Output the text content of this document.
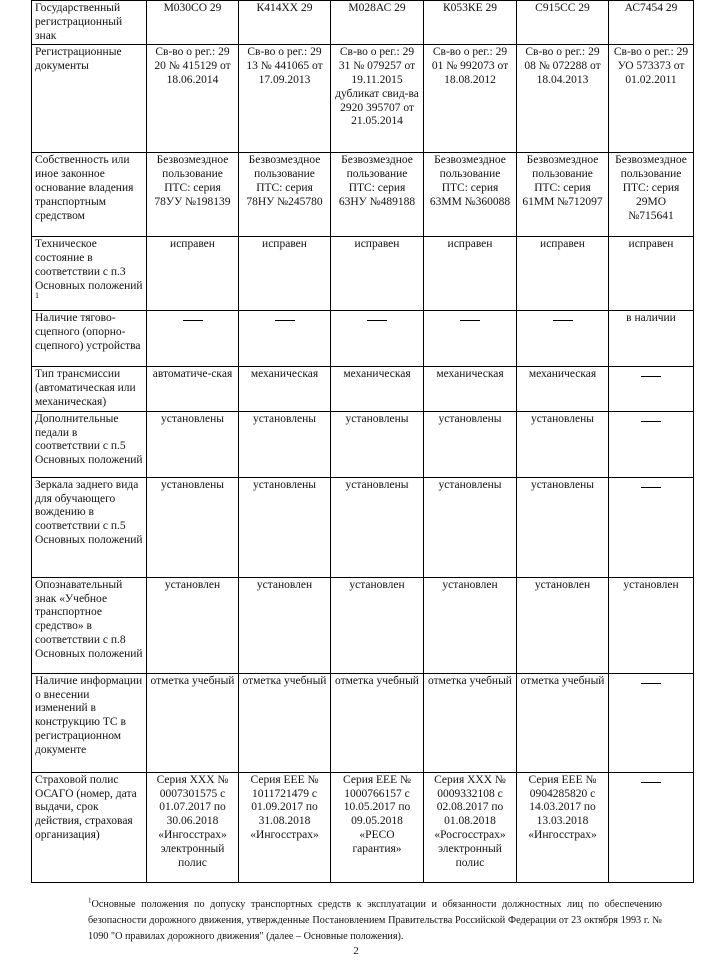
Государственный регистрационный знак	М030СО 29	К414ХХ 29	М028АС 29	К053КЕ 29	С915СС 29	АС7454 29
Регистрационные документы	Св-во о рег.: 29 20 № 415129 от 18.06.2014	Св-во о рег.: 29 13 № 441065 от 17.09.2013	Св-во о рег.: 29 31 № 079257 от 19.11.2015 дубликат свид-ва 2920 395707 от 21.05.2014	Св-во о рег.: 29 01 № 992073 от 18.08.2012	Св-во о рег.: 29 08 № 072288 от 18.04.2013	Св-во о рег.: 29 УО 573373 от 01.02.2011
Собственность или иное законное основание владения транспортным средством	Безвозмездное пользование ПТС: серия 78УУ №198139	Безвозмездное пользование ПТС: серия 78НУ №245780	Безвозмездное пользование ПТС: серия 63НУ №489188	Безвозмездное пользование ПТС: серия 63ММ №360088	Безвозмездное пользование ПТС: серия 61ММ №712097	Безвозмездное пользование ПТС: серия 29МО №715641
Техническое состояние в соответствии с п.3 Основных положений $^1$	исправен	исправен	исправен	исправен	исправен	исправен
Наличие тягово-сцепного (опорно-сцепного) устройства						в наличии
Тип трансмиссии (автоматическая или механическая)	автоматиче-ская	механическая	механическая	механическая	механическая	
Дополнительные педали в соответствии с п.5 Основных положений	установлены	установлены	установлены	установлены	установлены	
Зеркала заднего вида для обучающего вождению в соответствии с п.5 Основных положений	установлены	установлены	установлены	установлены	установлены	
Опознавательный знак «Учебное транспортное средство» в соответствии с п.8 Основных положений	установлен	установлен	установлен	установлен	установлен	установлен
Наличие информации о внесении изменений в конструкцию ТС в регистрационном документе	отметка учебный	отметка учебный	отметка учебный	отметка учебный	отметка учебный	
Страховой полис ОСАГО (номер, дата выдачи, срок действия, страховая организация)	Серия ХХХ № 0007301575 с 01.07.2017 по 30.06.2018 «Ингосстрах» электронный полис	Серия ЕЕЕ № 1011721479 с 01.09.2017 по 31.08.2018 «Ингосстрах»	Серия ЕЕЕ № 1000766157 с 10.05.2017 по 09.05.2018 «РЕСО гарантия»	Серия ХХХ № 0009332108 с 02.08.2017 по 01.08.2018 «Росгосстрах» электронный полис	Серия ЕЕЕ № 0904285820 с 14.03.2017 по 13.03.2018 «Ингосстрах»	
$^1$Основные положения по допуску транспортных средств к эксплуатации и обязанности должностных лиц по обеспечению безопасности дорожного движения, утвержденные Постановлением Правительства Российской Федерации от 23 октября 1993 г. № 1090 "О правилах дорожного движения" (далее – Основные положения).
2
